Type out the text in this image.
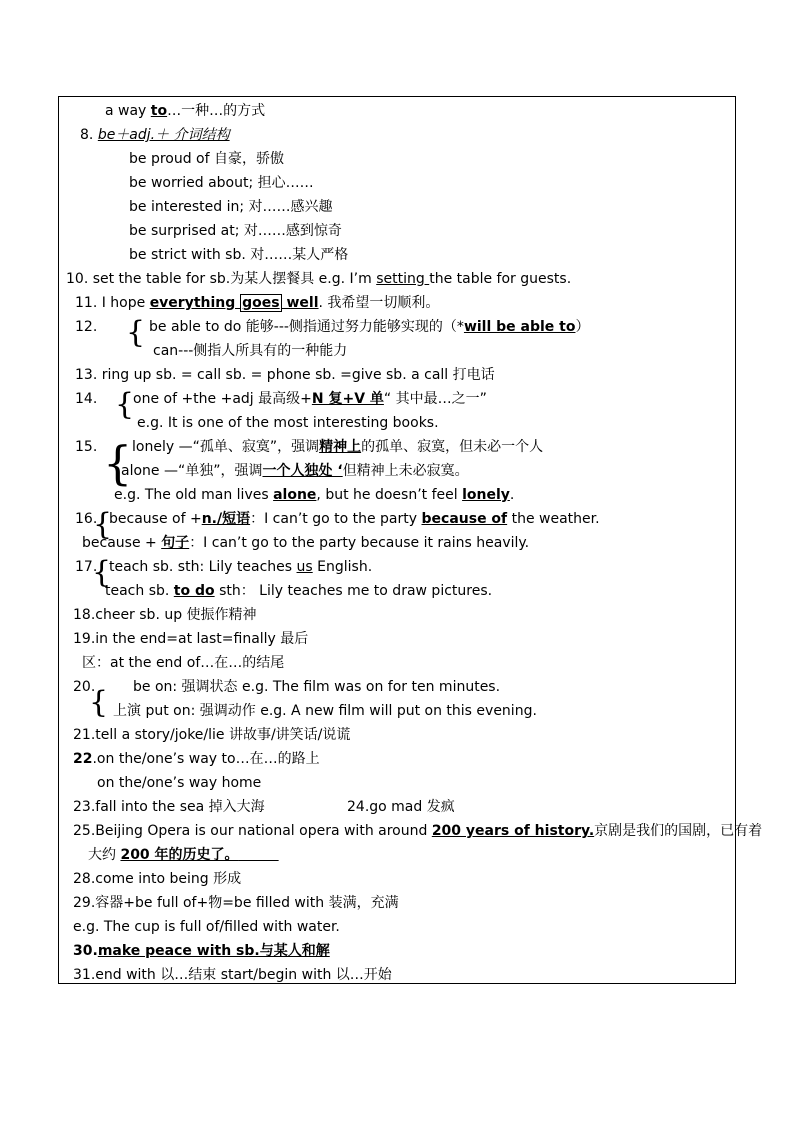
a way to…一种…的方式
8. be＋adj.＋ 介词结构
be proud of 自豪，骄傲
be worried about; 担心……
be interested in; 对……感兴趣
be surprised at; 对……感到惊奇
be strict with sb. 对……某人严格
10. set the table for sb.为某人摆餐具 e.g. I’m setting the table for guests.
11. I hope everything goes well. 我希望一切顺利。
12. { be able to do 能够---侧指通过努力能够实现的（*will be able to）
can---侧指人所具有的一种能力
13. ring up sb. = call sb. = phone sb. =give sb. a call 打电话
14. {
one of +the +adj 最高级+N 复+V 单“ 其中最…之一”
e.g. It is one of the most interesting books.
15. { lonely —“孤单、寂寞”，强调精神上的孤单、寂寞，但未必一个人
alone —“单独”，强调一个人独处 ‘但精神上未必寂寞。
e.g. The old man lives alone, but he doesn’t feel lonely.
16.
{
because of +n./短语：I can’t go to the party because of the weather.
because + 句子：I can’t go to the party because it rains heavily.
17.
{
teach sb. sth: Lily teaches us English.
teach sb. to do sth： Lily teaches me to draw pictures.
18.cheer sb. up 使振作精神
19.in the end=at last=finally 最后
区：at the end of…在…的结尾
20.
{ be on: 强调状态 e.g. The film was on for ten minutes.
上演 put on: 强调动作 e.g. A new film will put on this evening.
21.tell a story/joke/lie 讲故事/讲笑话/说谎
22.on the/one’s way to…在…的路上
on the/one’s way home
23.fall into the sea 掉入大海	24.go mad 发疯
25.Beijing Opera is our national opera with around 200 years of history.京剧是我们的国剧，已有着
大约 200 年的历史了。
28.come into being 形成
29.容器+be full of+物=be filled with 装满，充满
e.g. The cup is full of/filled with water.
30.make peace with sb.与某人和解
31.end with 以…结束 start/begin with 以…开始
